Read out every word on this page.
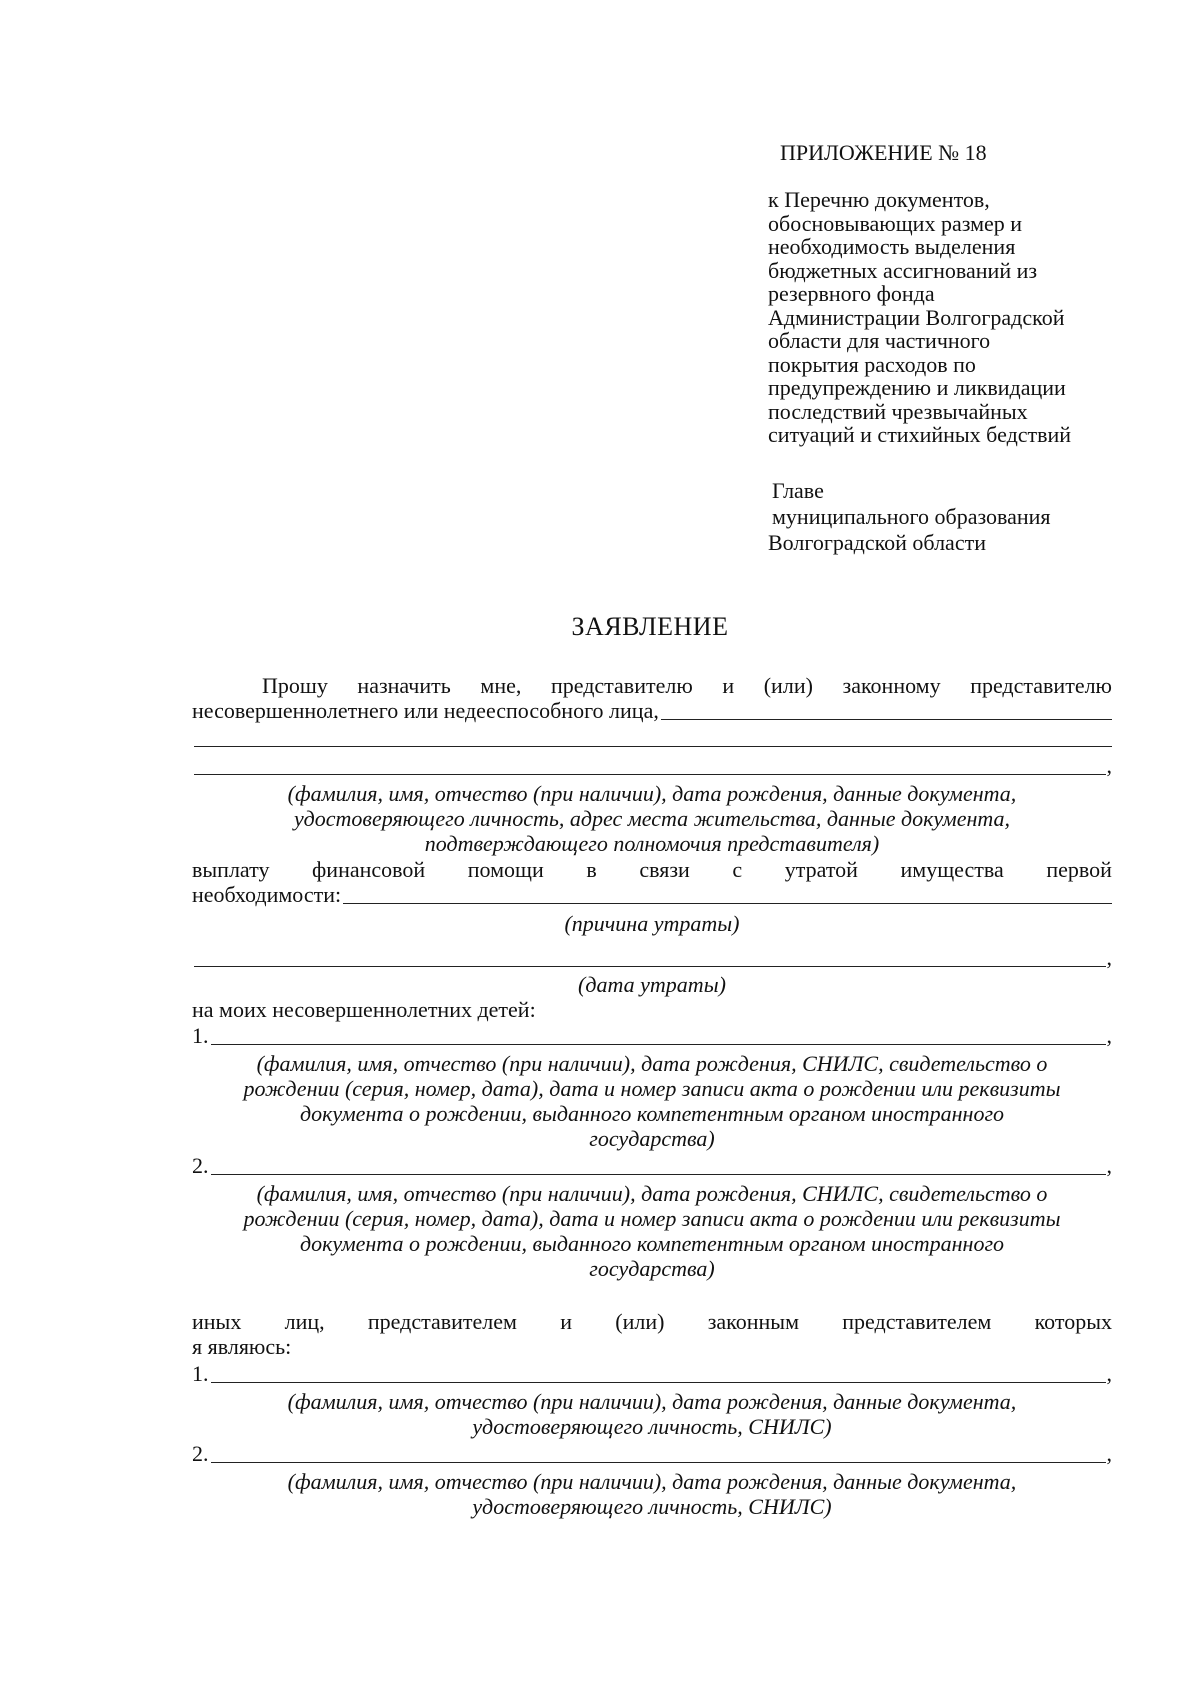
ПРИЛОЖЕНИЕ № 18
к Перечню документов,
обосновывающих размер и
необходимость выделения
бюджетных ассигнований из
резервного фонда
Администрации Волгоградской
области для частичного
покрытия расходов по
предупреждению и ликвидации
последствий чрезвычайных
ситуаций и стихийных бедствий
Главе
муниципального образования
Волгоградской области
ЗАЯВЛЕНИЕ
Прошу назначить мне, представителю и (или) законному представителю
несовершеннолетнего или недееспособного лица,
,
(фамилия, имя, отчество (при наличии), дата рождения, данные документа,
удостоверяющего личность, адрес места жительства, данные документа,
подтверждающего полномочия представителя)
выплату финансовой помощи в связи с утратой имущества первой
необходимости:
(причина утраты)
,
(дата утраты)
на моих несовершеннолетних детей:
1.	,
(фамилия, имя, отчество (при наличии), дата рождения, СНИЛС, свидетельство о
рождении (серия, номер, дата), дата и номер записи акта о рождении или реквизиты
документа о рождении, выданного компетентным органом иностранного
государства)
2.	,
(фамилия, имя, отчество (при наличии), дата рождения, СНИЛС, свидетельство о
рождении (серия, номер, дата), дата и номер записи акта о рождении или реквизиты
документа о рождении, выданного компетентным органом иностранного
государства)
иных лиц, представителем и (или) законным представителем которых
я являюсь:
1.	,
(фамилия, имя, отчество (при наличии), дата рождения, данные документа,
удостоверяющего личность, СНИЛС)
2.	,
(фамилия, имя, отчество (при наличии), дата рождения, данные документа,
удостоверяющего личность, СНИЛС)
